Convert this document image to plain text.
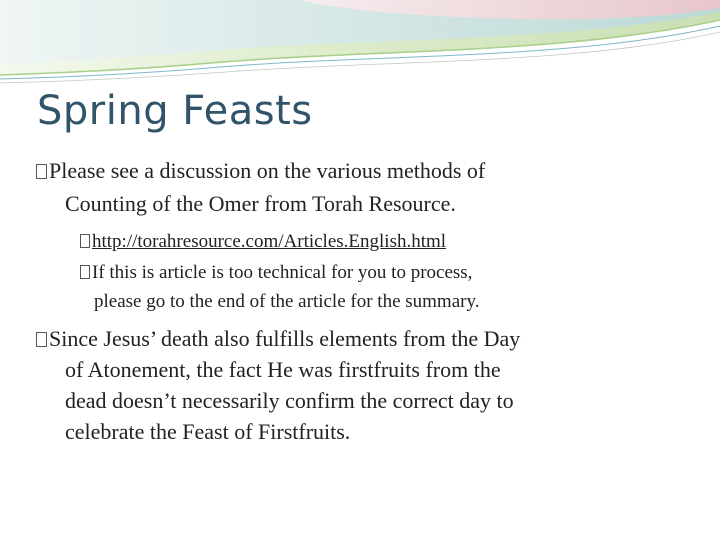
Spring Feasts

Please see a discussion on the various methods of

Counting of the Omer from Torah Resource.

http://torahresource.com/Articles.English.html

If this is article is too technical for you to process,

please go to the end of the article for the summary.

Since Jesus’ death also fulfills elements from the Day

of Atonement, the fact He was firstfruits from the

dead doesn’t necessarily confirm the correct day to

celebrate the Feast of Firstfruits.
